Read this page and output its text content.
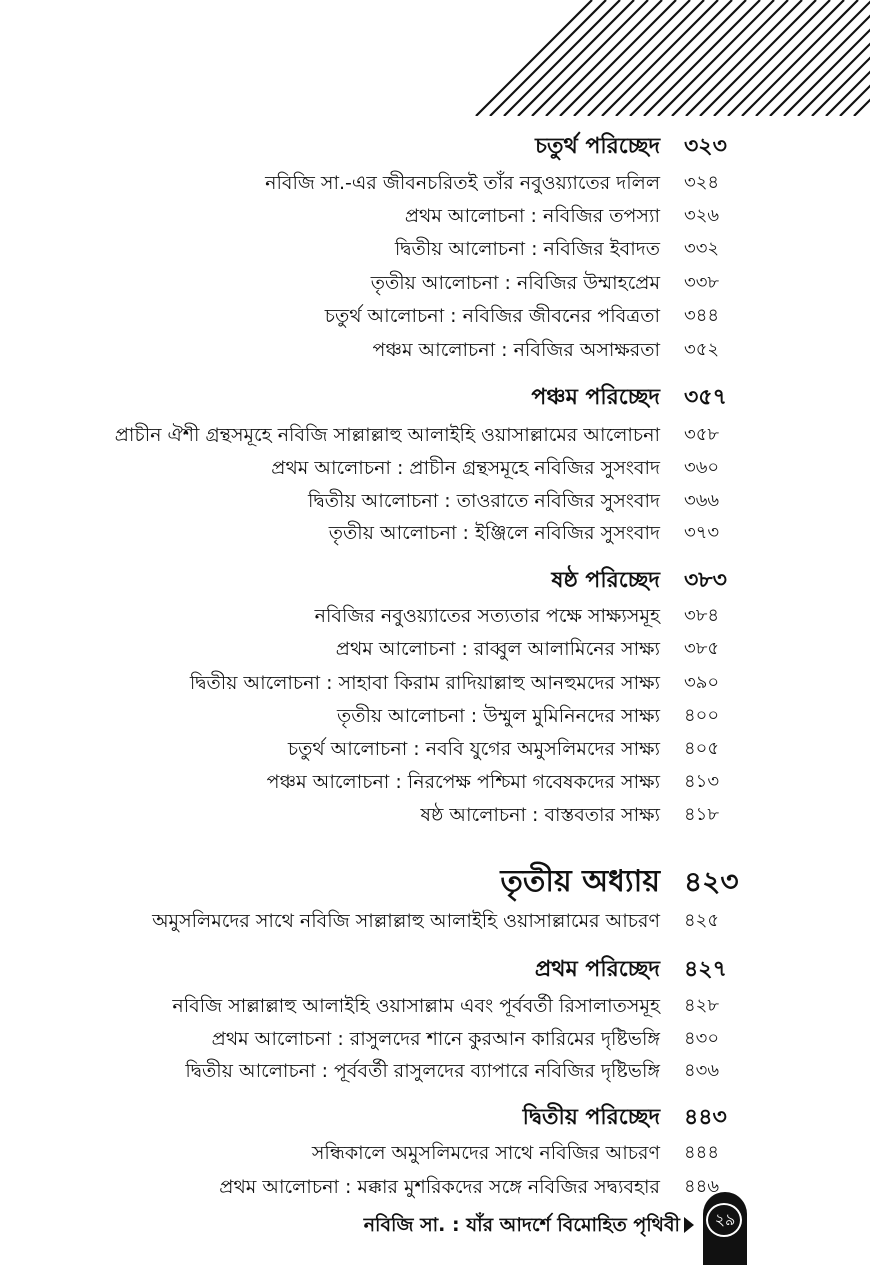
চতুর্থ পরিচ্ছেদ ৩২৩
নবিজি সা.-এর জীবনচরিতই তাঁর নবুওয়্যাতের দলিল ৩২৪
প্রথম আলোচনা : নবিজির তপস্যা ৩২৬
দ্বিতীয় আলোচনা : নবিজির ইবাদত ৩৩২
তৃতীয় আলোচনা : নবিজির উম্মাহপ্রেম ৩৩৮
চতুর্থ আলোচনা : নবিজির জীবনের পবিত্রতা ৩৪৪
পঞ্চম আলোচনা : নবিজির অসাক্ষরতা ৩৫২
পঞ্চম পরিচ্ছেদ ৩৫৭
প্রাচীন ঐশী গ্রন্থসমূহে নবিজি সাল্লাল্লাহু আলাইহি ওয়াসাল্লামের আলোচনা ৩৫৮
প্রথম আলোচনা : প্রাচীন গ্রন্থসমূহে নবিজির সুসংবাদ ৩৬০
দ্বিতীয় আলোচনা : তাওরাতে নবিজির সুসংবাদ ৩৬৬
তৃতীয় আলোচনা : ইঞ্জিলে নবিজির সুসংবাদ ৩৭৩
ষষ্ঠ পরিচ্ছেদ ৩৮৩
নবিজির নবুওয়্যাতের সত্যতার পক্ষে সাক্ষ্যসমূহ ৩৮৪
প্রথম আলোচনা : রাব্বুল আলামিনের সাক্ষ্য ৩৮৫
দ্বিতীয় আলোচনা : সাহাবা কিরাম রাদিয়াল্লাহু আনহুমদের সাক্ষ্য ৩৯০
তৃতীয় আলোচনা : উম্মুল মুমিনিনদের সাক্ষ্য ৪০০
চতুর্থ আলোচনা : নববি যুগের অমুসলিমদের সাক্ষ্য ৪০৫
পঞ্চম আলোচনা : নিরপেক্ষ পশ্চিমা গবেষকদের সাক্ষ্য ৪১৩
ষষ্ঠ আলোচনা : বাস্তবতার সাক্ষ্য ৪১৮
তৃতীয় অধ্যায় ৪২৩
অমুসলিমদের সাথে নবিজি সাল্লাল্লাহু আলাইহি ওয়াসাল্লামের আচরণ ৪২৫
প্রথম পরিচ্ছেদ ৪২৭
নবিজি সাল্লাল্লাহু আলাইহি ওয়াসাল্লাম এবং পূর্ববর্তী রিসালাতসমূহ ৪২৮
প্রথম আলোচনা : রাসুলদের শানে কুরআন কারিমের দৃষ্টিভঙ্গি ৪৩০
দ্বিতীয় আলোচনা : পূর্ববর্তী রাসুলদের ব্যাপারে নবিজির দৃষ্টিভঙ্গি ৪৩৬
দ্বিতীয় পরিচ্ছেদ ৪৪৩
সন্ধিকালে অমুসলিমদের সাথে নবিজির আচরণ ৪৪৪
প্রথম আলোচনা : মক্কার মুশরিকদের সঙ্গে নবিজির সদ্ব্যবহার ৪৪৬
নবিজি সা. : যাঁর আদর্শে বিমোহিত পৃথিবী	২৯
